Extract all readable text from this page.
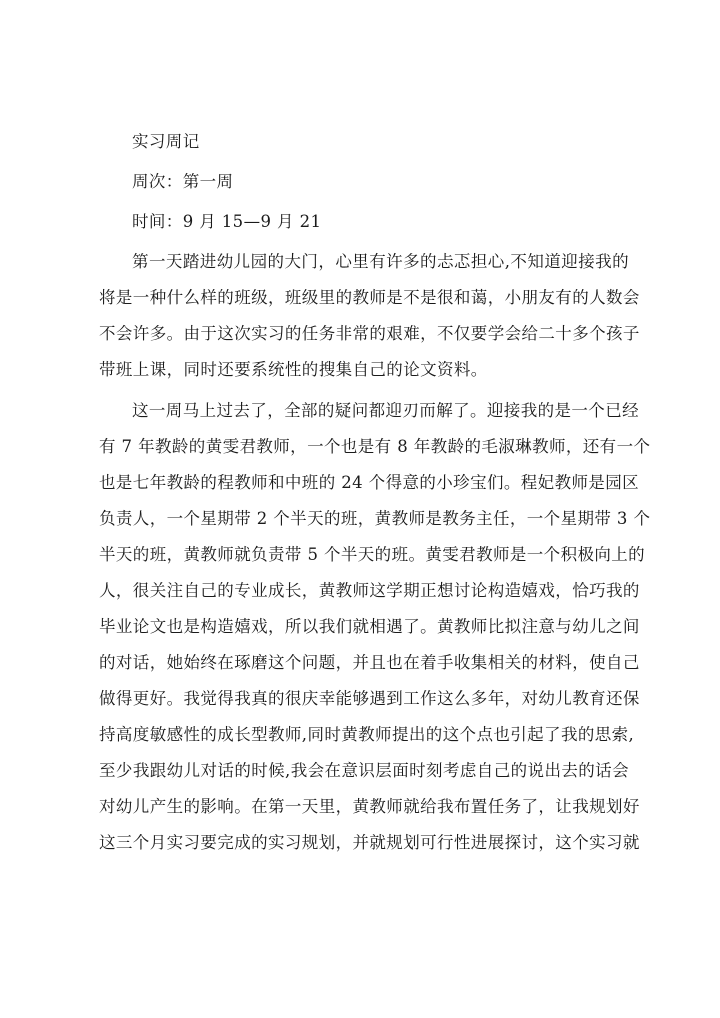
实习周记
周次：第一周
时间：9 月 15—9 月 21
第一天踏进幼儿园的大门，心里有许多的忐忑担心,不知道迎接我的
将是一种什么样的班级，班级里的教师是不是很和蔼，小朋友有的人数会
不会许多。由于这次实习的任务非常的艰难，不仅要学会给二十多个孩子
带班上课，同时还要系统性的搜集自己的论文资料。
这一周马上过去了，全部的疑问都迎刃而解了。迎接我的是一个已经
有 7 年教龄的黄雯君教师，一个也是有 8 年教龄的毛淑琳教师，还有一个
也是七年教龄的程教师和中班的 24 个得意的小珍宝们。程妃教师是园区
负责人，一个星期带 2 个半天的班，黄教师是教务主任，一个星期带 3 个
半天的班，黄教师就负责带 5 个半天的班。黄雯君教师是一个积极向上的
人，很关注自己的专业成长，黄教师这学期正想讨论构造嬉戏，恰巧我的
毕业论文也是构造嬉戏，所以我们就相遇了。黄教师比拟注意与幼儿之间
的对话，她始终在琢磨这个问题，并且也在着手收集相关的材料，使自己
做得更好。我觉得我真的很庆幸能够遇到工作这么多年，对幼儿教育还保
持高度敏感性的成长型教师,同时黄教师提出的这个点也引起了我的思索,
至少我跟幼儿对话的时候,我会在意识层面时刻考虑自己的说出去的话会
对幼儿产生的影响。在第一天里，黄教师就给我布置任务了，让我规划好
这三个月实习要完成的实习规划，并就规划可行性进展探讨，这个实习就
